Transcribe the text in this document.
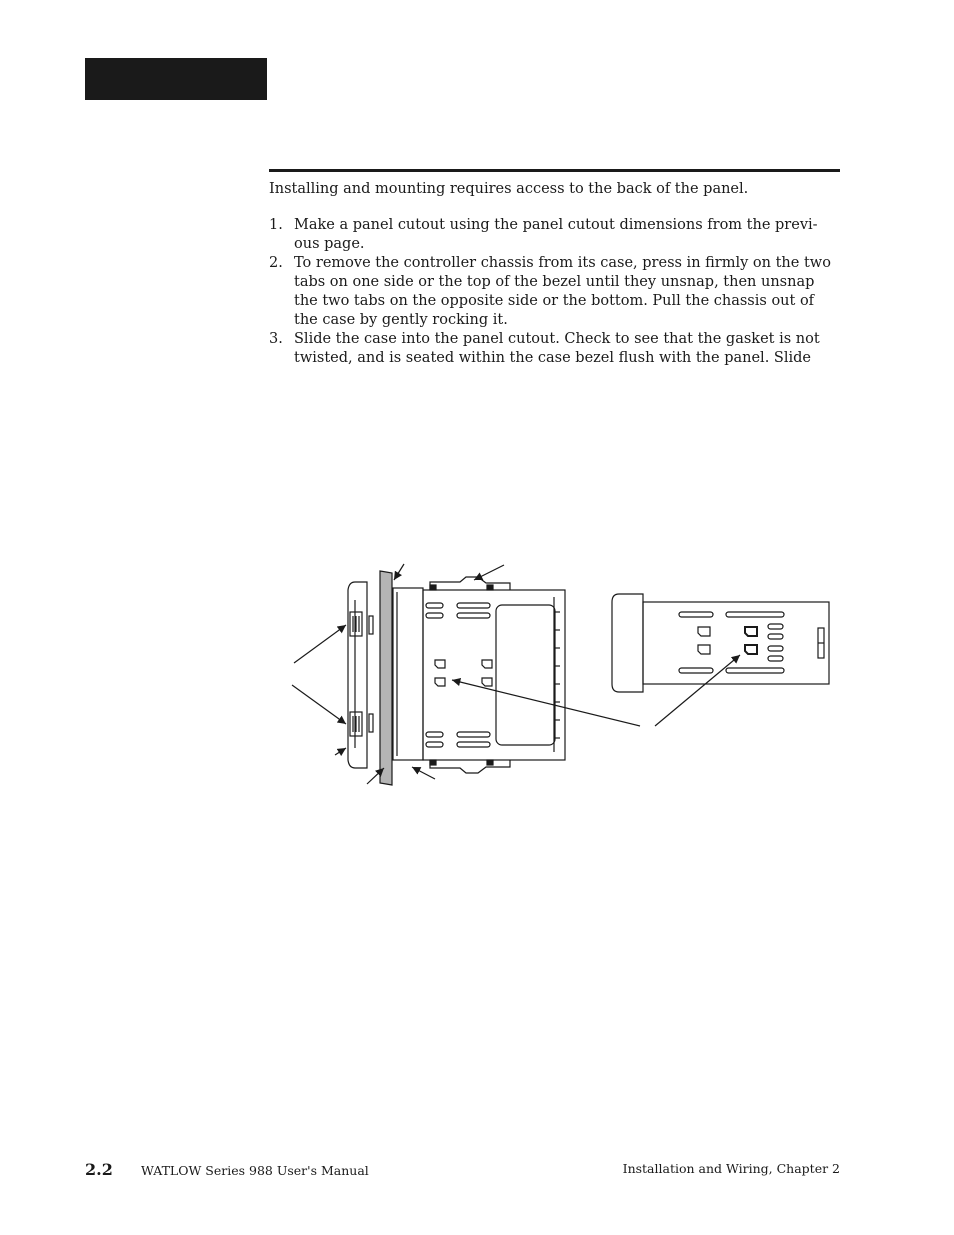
Installing and mounting requires access to the back of the panel.

1. Make a panel cutout using the panel cutout dimensions from the previ-ous page.
2. To remove the controller chassis from its case, press in firmly on the two tabs on one side or the top of the bezel until they unsnap, then unsnap the two tabs on the opposite side or the bottom. Pull the chassis out of the case by gently rocking it.
3. Slide the case into the panel cutout. Check to see that the gasket is not twisted, and is seated within the case bezel flush with the panel. Slide
2.2 WATLOW Series 988 User's Manual	Installation and Wiring, Chapter 2
